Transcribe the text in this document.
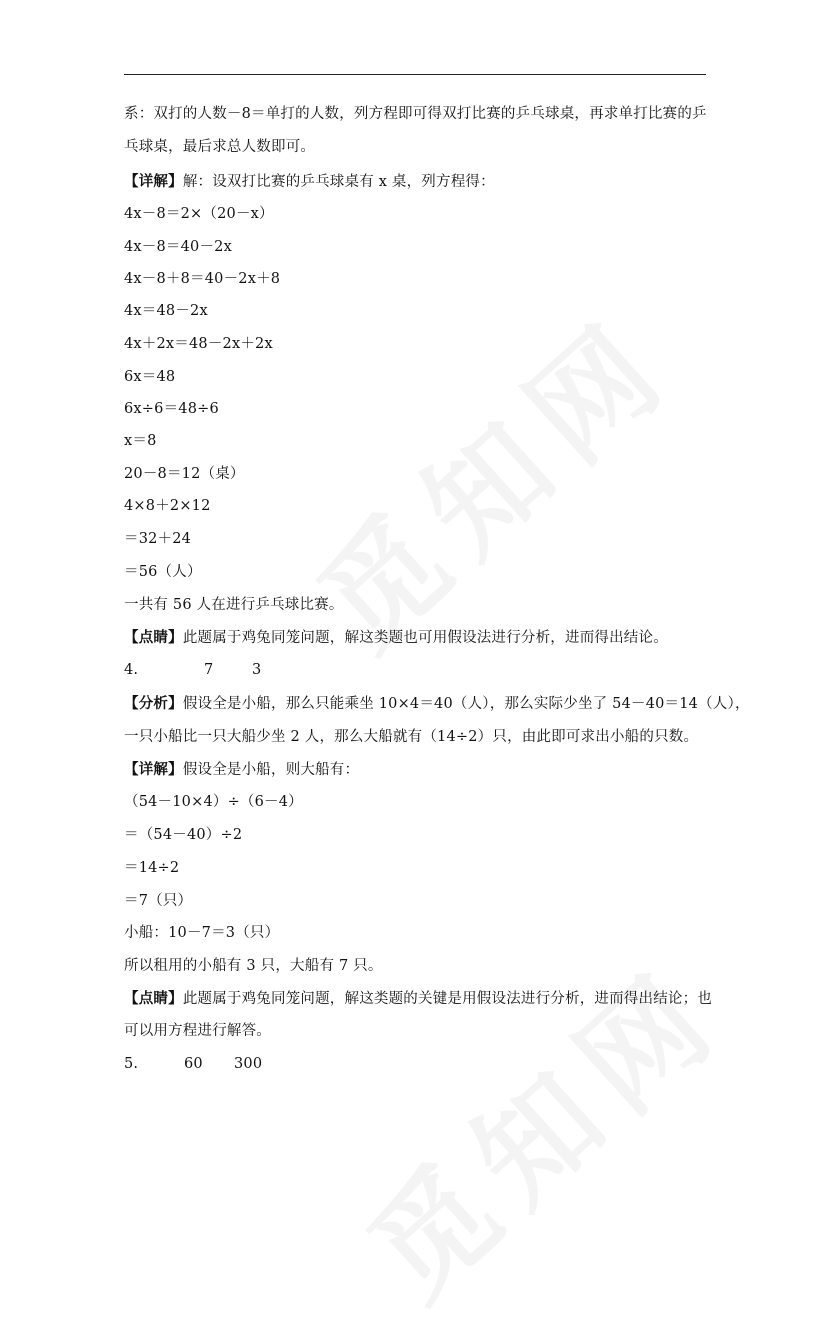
系：双打的人数－8＝单打的人数，列方程即可得双打比赛的乒乓球桌，再求单打比赛的乒
乓球桌，最后求总人数即可。
【详解】解：设双打比赛的乒乓球桌有 x 桌，列方程得：
4x－8＝2×（20－x）
4x－8＝40－2x
4x－8＋8＝40－2x＋8
4x＝48－2x
4x＋2x＝48－2x＋2x
6x＝48
6x÷6＝48÷6
x＝8
20－8＝12（桌）
4×8＋2×12
＝32＋24
＝56（人）
一共有 56 人在进行乒乓球比赛。
【点睛】此题属于鸡兔同笼问题，解这类题也可用假设法进行分析，进而得出结论。
4.	7	3
【分析】假设全是小船，那么只能乘坐 10×4＝40（人），那么实际少坐了 54－40＝14（人），
一只小船比一只大船少坐 2 人，那么大船就有（14÷2）只，由此即可求出小船的只数。
【详解】假设全是小船，则大船有：
（54－10×4）÷（6－4）
＝（54－40）÷2
＝14÷2
＝7（只）
小船：10－7＝3（只）
所以租用的小船有 3 只，大船有 7 只。
【点睛】此题属于鸡兔同笼问题，解这类题的关键是用假设法进行分析，进而得出结论；也
可以用方程进行解答。
5.	60 300
